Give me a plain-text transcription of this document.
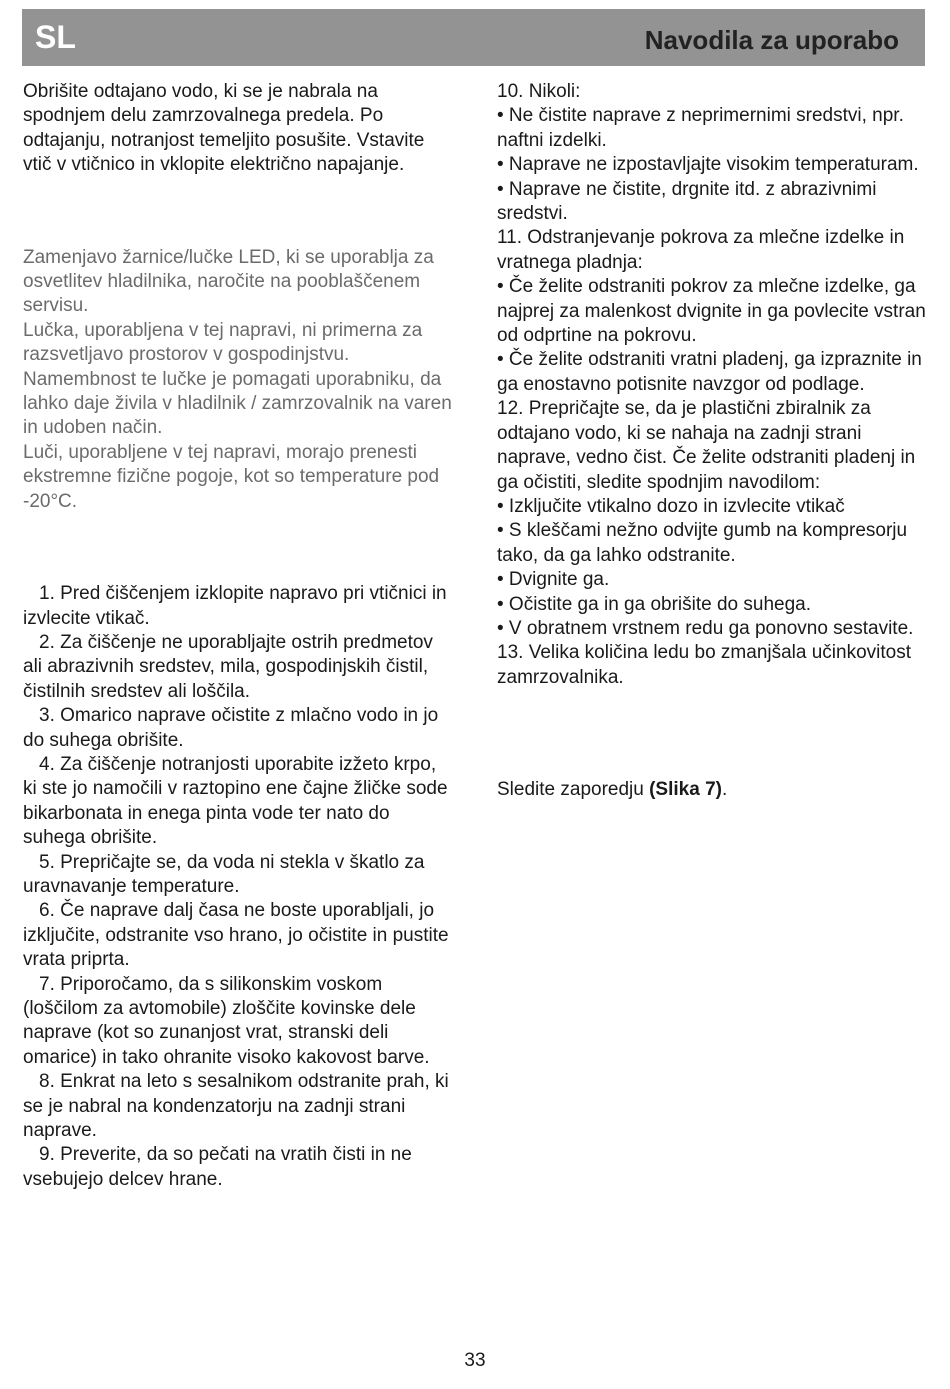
SL	Navodila za uporabo

Obrišite odtajano vodo, ki se je nabrala na spodnjem delu zamrzovalnega predela. Po odtajanju, notranjost temeljito posušite. Vstavite vtič v vtičnico in vklopite električno napajanje.

Zamenjavo žarnice/lučke LED, ki se uporablja za osvetlitev hladilnika, naročite na pooblaščenem servisu.

Lučka, uporabljena v tej napravi, ni primerna za razsvetljavo prostorov v gospodinjstvu. Namembnost te lučke je pomagati uporabniku, da lahko daje živila v hladilnik / zamrzovalnik na varen in udoben način.

Luči, uporabljene v tej napravi, morajo prenesti ekstremne fizične pogoje, kot so temperature pod -20°C.

1. Pred čiščenjem izklopite napravo pri vtičnici in izvlecite vtikač.

2. Za čiščenje ne uporabljajte ostrih predmetov ali abrazivnih sredstev, mila, gospodinjskih čistil, čistilnih sredstev ali loščila.

3. Omarico naprave očistite z mlačno vodo in jo do suhega obrišite.

4. Za čiščenje notranjosti uporabite izžeto krpo, ki ste jo namočili v raztopino ene čajne žličke sode bikarbonata in enega pinta vode ter nato do suhega obrišite.

5. Prepričajte se, da voda ni stekla v škatlo za uravnavanje temperature.

6. Če naprave dalj časa ne boste uporabljali, jo izključite, odstranite vso hrano, jo očistite in pustite vrata priprta.

7. Priporočamo, da s silikonskim voskom (loščilom za avtomobile) zloščite kovinske dele naprave (kot so zunanjost vrat, stranski deli omarice) in tako ohranite visoko kakovost barve.

8. Enkrat na leto s sesalnikom odstranite prah, ki se je nabral na kondenzatorju na zadnji strani naprave.

9. Preverite, da so pečati na vratih čisti in ne vsebujejo delcev hrane.

10. Nikoli:

• Ne čistite naprave z neprimernimi sredstvi, npr. naftni izdelki.

• Naprave ne izpostavljajte visokim temperaturam.

• Naprave ne čistite, drgnite itd. z abrazivnimi sredstvi.

11. Odstranjevanje pokrova za mlečne izdelke in vratnega pladnja:

• Če želite odstraniti pokrov za mlečne izdelke, ga najprej za malenkost dvignite in ga povlecite vstran od odprtine na pokrovu.

• Če želite odstraniti vratni pladenj, ga izpraznite in ga enostavno potisnite navzgor od podlage.

12. Prepričajte se, da je plastični zbiralnik za odtajano vodo, ki se nahaja na zadnji strani naprave, vedno čist. Če želite odstraniti pladenj in ga očistiti, sledite spodnjim navodilom:

• Izključite vtikalno dozo in izvlecite vtikač

• S kleščami nežno odvijte gumb na kompresorju tako, da ga lahko odstranite.

• Dvignite ga.

• Očistite ga in ga obrišite do suhega.

• V obratnem vrstnem redu ga ponovno sestavite.

13. Velika količina ledu bo zmanjšala učinkovitost zamrzovalnika.

Sledite zaporedju (Slika 7).

33
